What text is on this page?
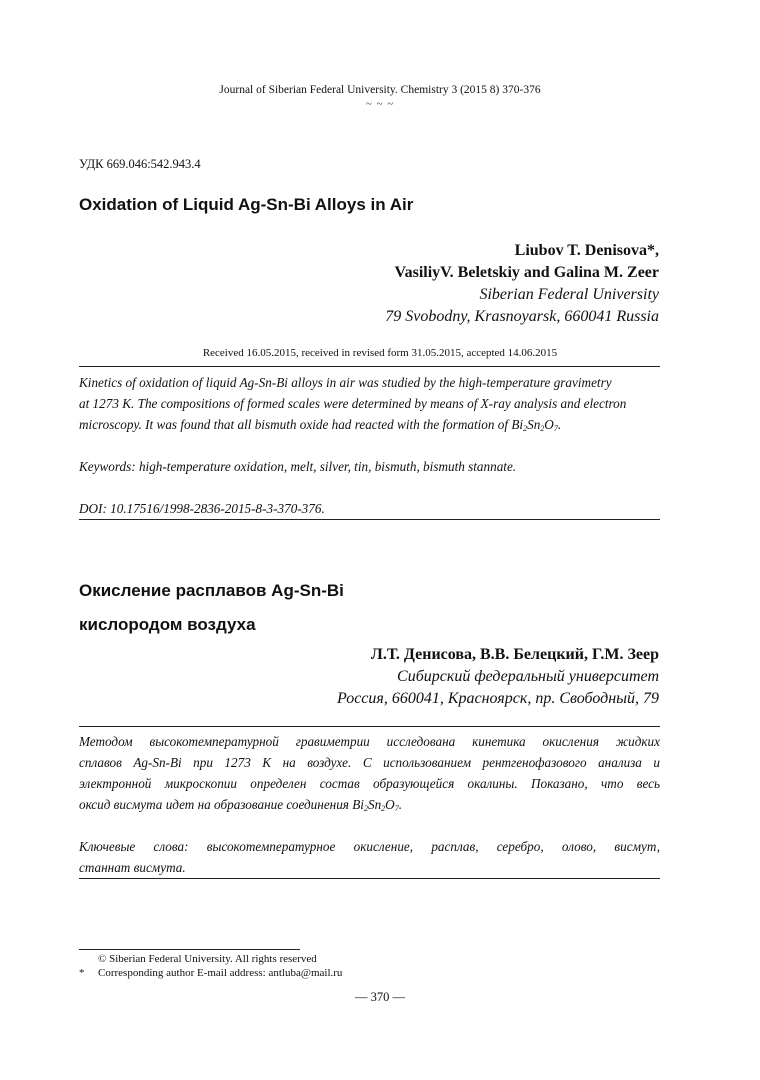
Journal of Siberian Federal University. Chemistry 3 (2015 8) 370-376
~ ~ ~
УДК 669.046:542.943.4
Oxidation of Liquid Ag-Sn-Bi Alloys in Air
Liubov T. Denisova*,
VasiliyV. Beletskiy and Galina M. Zeer
Siberian Federal University
79 Svobodny, Krasnoyarsk, 660041 Russia
Received 16.05.2015, received in revised form 31.05.2015, accepted 14.06.2015
Kinetics of oxidation of liquid Ag-Sn-Bi alloys in air was studied by the high-temperature gravimetry
at 1273 K. The compositions of formed scales were determined by means of X-ray analysis and electron
microscopy. It was found that all bismuth oxide had reacted with the formation of $Bi_2Sn_2O_7$.
Keywords: high-temperature oxidation, melt, silver, tin, bismuth, bismuth stannate.
DOI: 10.17516/1998-2836-2015-8-3-370-376.
Окисление расплавов Ag-Sn-Bi
кислородом воздуха
Л.Т. Денисова, В.В. Белецкий, Г.М. Зеер
Сибирский федеральный университет
Россия, 660041, Красноярск, пр. Свободный, 79
Методом высокотемпературной гравиметрии исследована кинетика окисления жидких
сплавов Ag-Sn-Bi при 1273 К на воздухе. С использованием рентгенофазового анализа и
электронной микроскопии определен состав образующейся окалины. Показано, что весь
оксид висмута идет на образование соединения $Bi_2Sn_2O_7$.
Ключевые слова: высокотемпературное окисление, расплав, серебро, олово, висмут,
станнат висмута.
© Siberian Federal University. All rights reserved
* Corresponding author E-mail address: antluba@mail.ru
— 370 —
